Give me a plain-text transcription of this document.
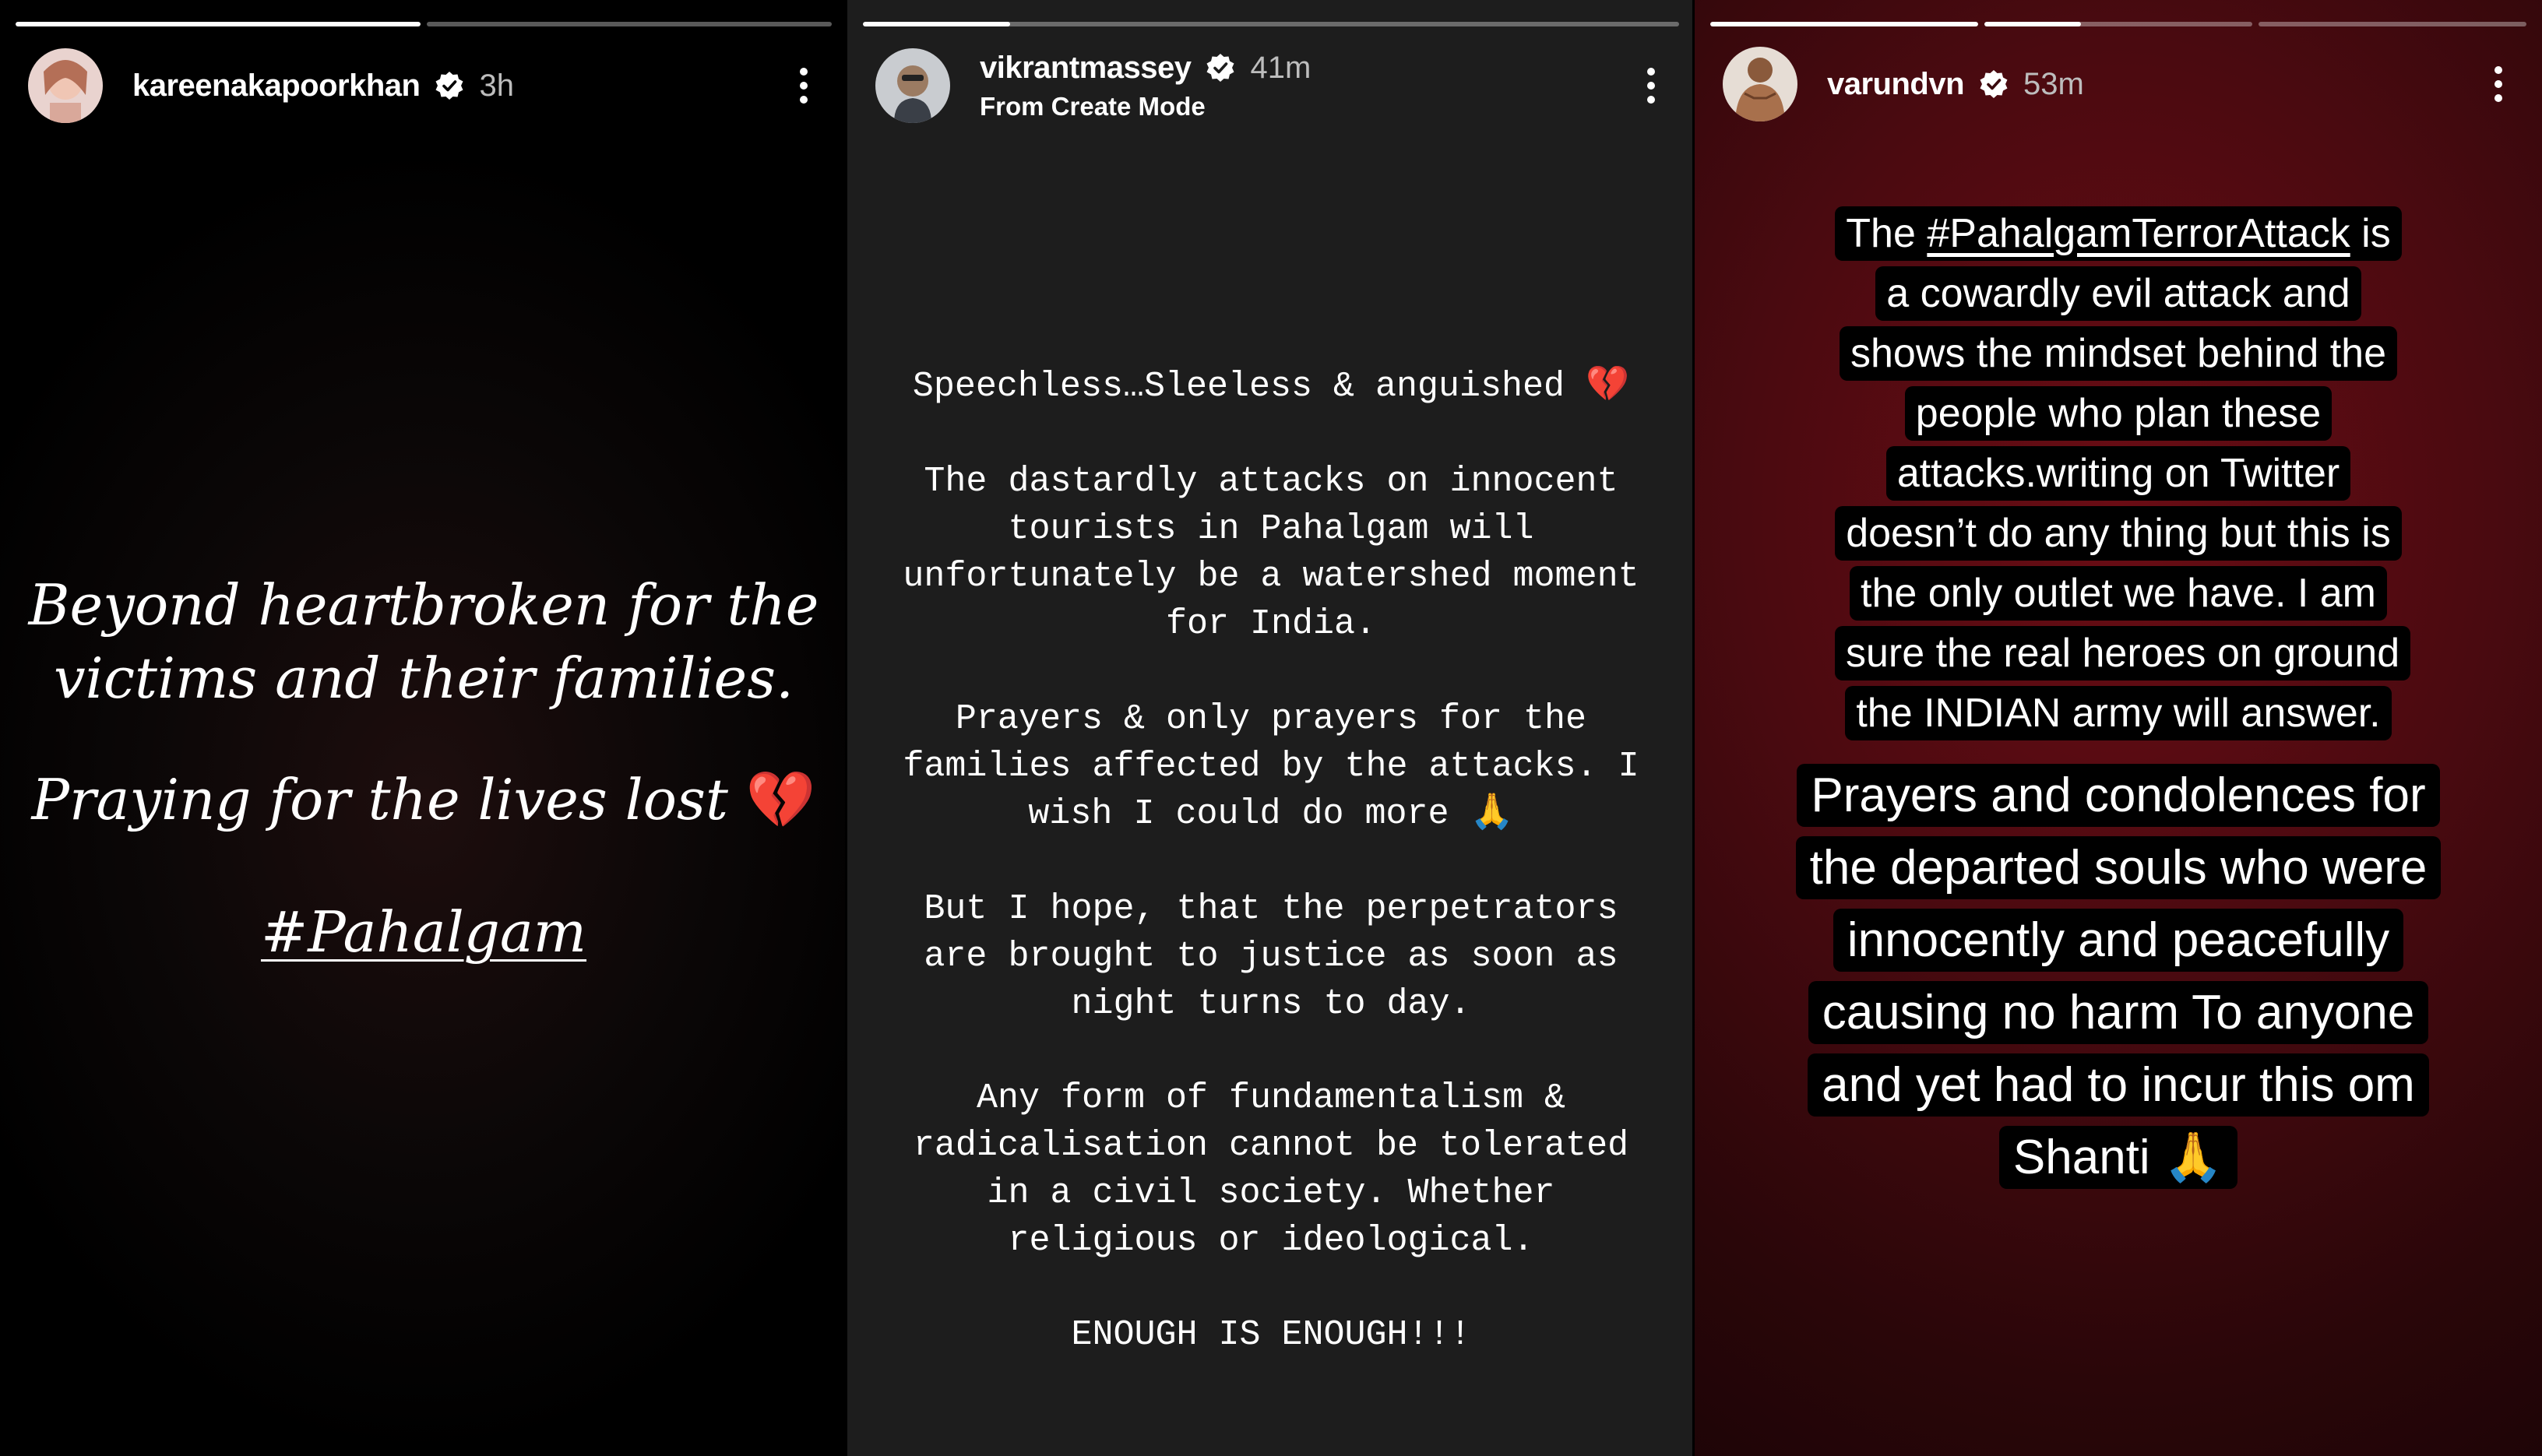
kareenakapoorkhan 3h
Beyond heartbroken for the
victims and their families.
Praying for the lives lost 💔
#Pahalgam
vikrantmassey 41m
From Create Mode
Speechless…Sleeless & anguished 💔
The dastardly attacks on innocent
tourists in Pahalgam will
unfortunately be a watershed moment
for India.
Prayers & only prayers for the
families affected by the attacks. I
wish I could do more 🙏
But I hope, that the perpetrators
are brought to justice as soon as
night turns to day.
Any form of fundamentalism &
radicalisation cannot be tolerated
in a civil society. Whether
religious or ideological.
ENOUGH IS ENOUGH!!!
varundvn 53m
The #PahalgamTerrorAttack is a cowardly evil attack and shows the mindset behind the people who plan these attacks.writing on Twitter doesn’t do any thing but this is the only outlet we have. I am sure the real heroes on ground the INDIAN army will answer.
Prayers and condolences for the departed souls who were innocently and peacefully causing no harm To anyone and yet had to incur this om Shanti 🙏
